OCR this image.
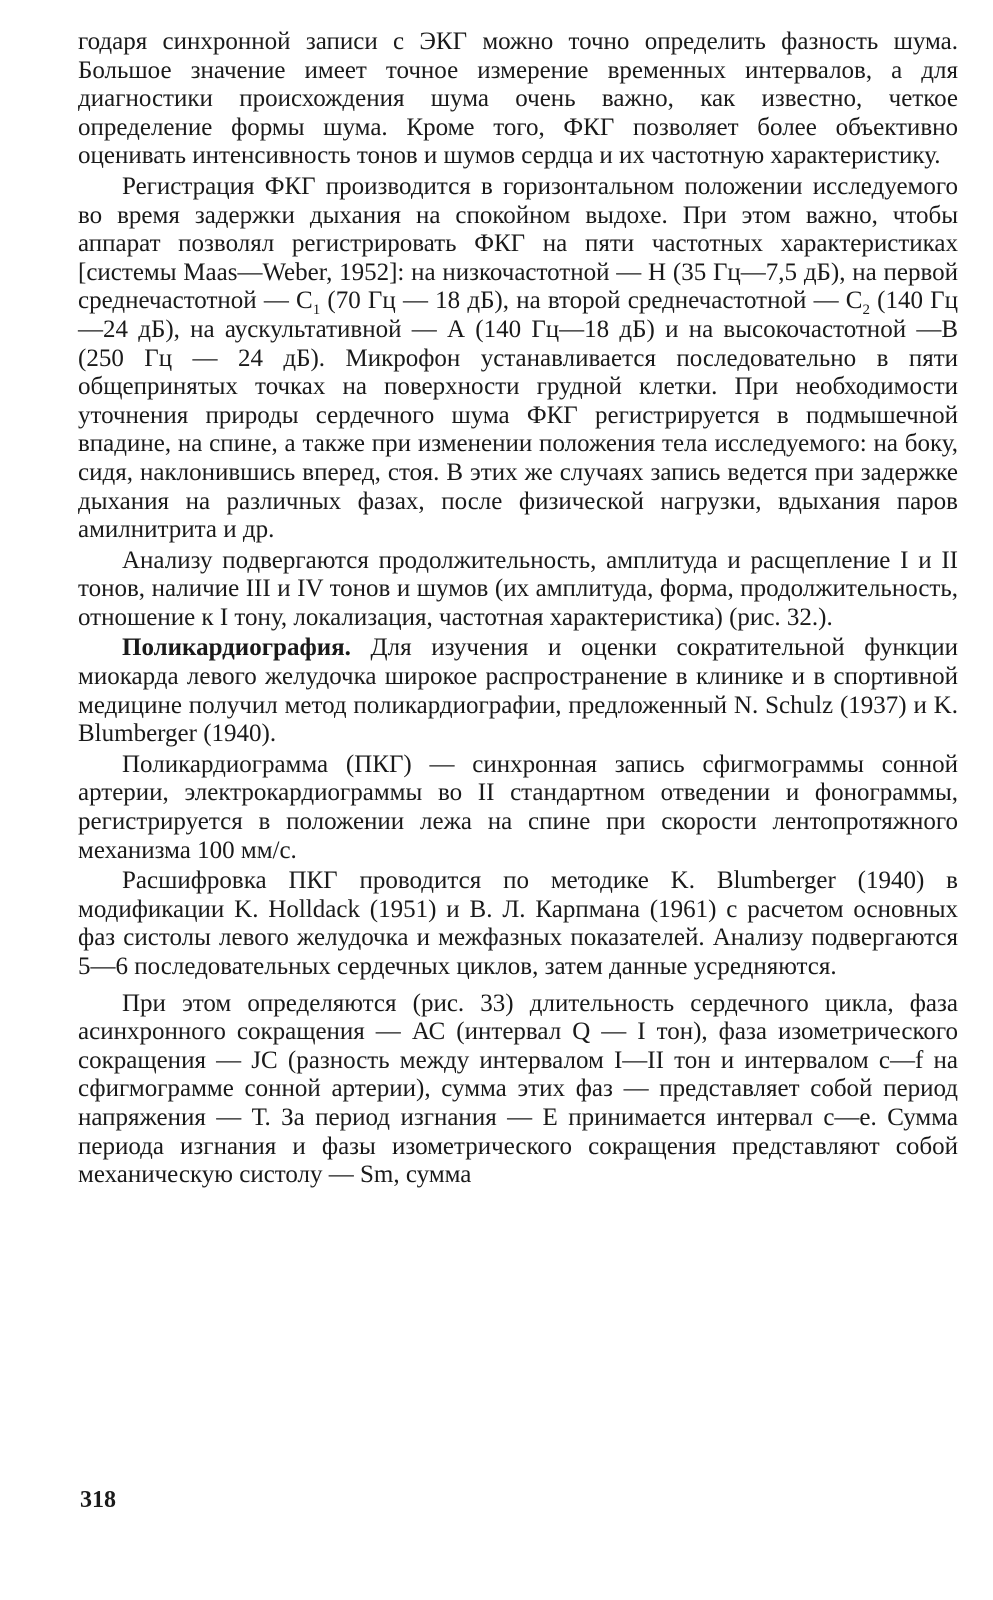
годаря синхронной записи с ЭКГ можно точно определить фазность шума. Большое значение имеет точное измерение временных интервалов, а для диагностики происхождения шума очень важно, как известно, четкое определение формы шума. Кроме того, ФКГ позволяет более объективно оценивать интенсивность тонов и шумов сердца и их частотную характеристику.

Регистрация ФКГ производится в горизонтальном положении исследуемого во время задержки дыхания на спокойном выдохе. При этом важно, чтобы аппарат позволял регистрировать ФКГ на пяти частотных характеристиках [системы Maas—Weber, 1952]: на низкочастотной — Н (35 Гц—7,5 дБ), на первой среднечастотной — $С_1$ (70 Гц — 18 дБ), на второй среднечастотной — $С_2$ (140 Гц—24 дБ), на аускультативной — А (140 Гц—18 дБ) и на высокочастотной —В (250 Гц — 24 дБ). Микрофон устанавливается последовательно в пяти общепринятых точках на поверхности грудной клетки. При необходимости уточнения природы сердечного шума ФКГ регистрируется в подмышечной впадине, на спине, а также при изменении положения тела исследуемого: на боку, сидя, наклонившись вперед, стоя. В этих же случаях запись ведется при задержке дыхания на различных фазах, после физической нагрузки, вдыхания паров амилнитрита и др.

Анализу подвергаются продолжительность, амплитуда и расщепление I и II тонов, наличие III и IV тонов и шумов (их амплитуда, форма, продолжительность, отношение к I тону, локализация, частотная характеристика) (рис. 32.).

Поликардиография. Для изучения и оценки сократительной функции миокарда левого желудочка широкое распространение в клинике и в спортивной медицине получил метод поликардиографии, предложенный N. Schulz (1937) и K. Blumberger (1940).

Поликардиограмма (ПКГ) — синхронная запись сфигмограммы сонной артерии, электрокардиограммы во II стандартном отведении и фонограммы, регистрируется в положении лежа на спине при скорости лентопротяжного механизма 100 мм/с.

Расшифровка ПКГ проводится по методике K. Blumberger (1940) в модификации K. Holldack (1951) и В. Л. Карпмана (1961) с расчетом основных фаз систолы левого желудочка и межфазных показателей. Анализу подвергаются 5—6 последовательных сердечных циклов, затем данные усредняются.

При этом определяются (рис. 33) длительность сердечного цикла, фаза асинхронного сокращения — АС (интервал Q — I тон), фаза изометрического сокращения — JC (разность между интервалом I—II тон и интервалом c—f на сфигмограмме сонной артерии), сумма этих фаз — представляет собой период напряжения — Т. За период изгнания — Е принимается интервал с—е. Сумма периода изгнания и фазы изометрического сокращения представляют собой механическую систолу — Sm, сумма

318
